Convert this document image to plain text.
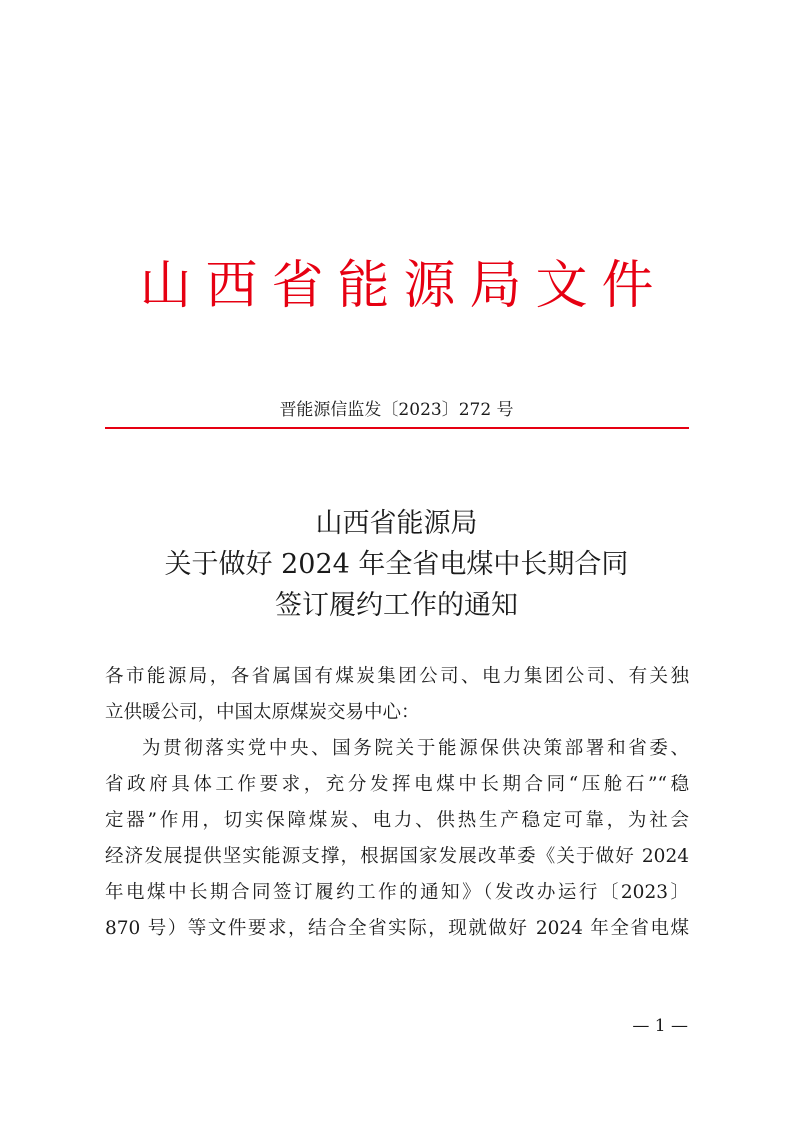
山西省能源局文件
晋能源信监发〔2023〕272 号
山西省能源局
关于做好 2024 年全省电煤中长期合同
签订履约工作的通知
各市能源局，各省属国有煤炭集团公司、电力集团公司、有关独
立供暖公司，中国太原煤炭交易中心：
为贯彻落实党中央、国务院关于能源保供决策部署和省委、
省政府具体工作要求，充分发挥电煤中长期合同“压舱石”“稳
定器”作用，切实保障煤炭、电力、供热生产稳定可靠，为社会
经济发展提供坚实能源支撑，根据国家发展改革委《关于做好 2024
年电煤中长期合同签订履约工作的通知》（发改办运行〔2023〕
870 号）等文件要求，结合全省实际，现就做好 2024 年全省电煤
— 1 —
